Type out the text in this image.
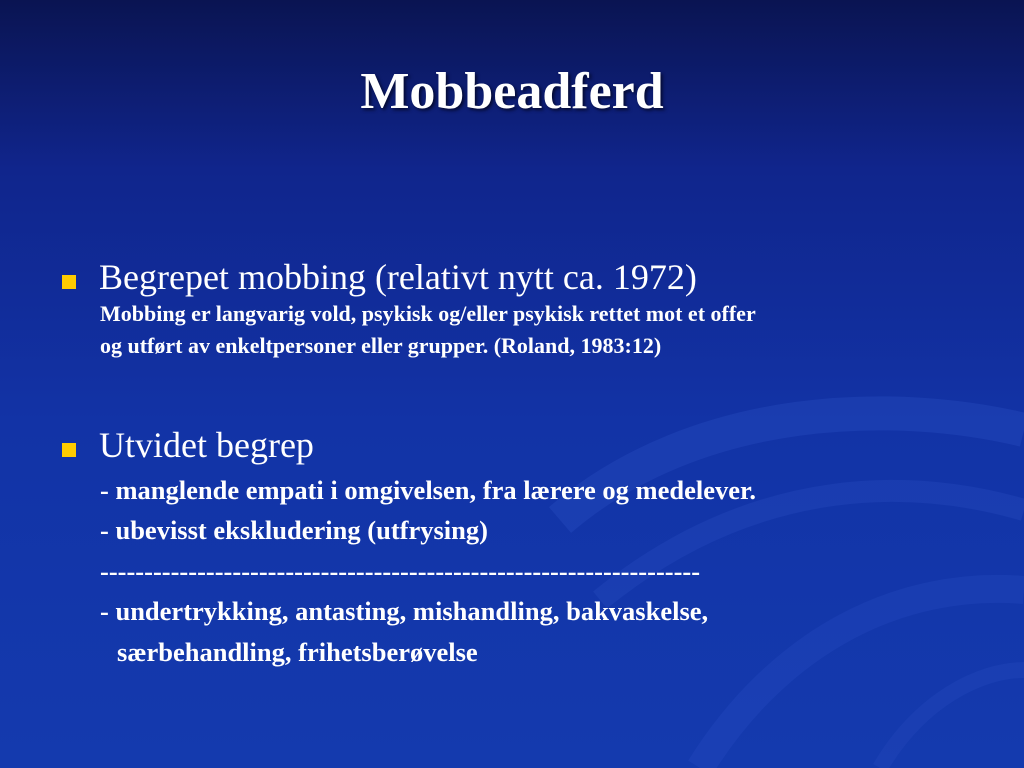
Mobbeadferd

Begrepet mobbing (relativt nytt ca. 1972)

Mobbing er langvarig vold, psykisk og/eller psykisk rettet mot et offer

og utført av enkeltpersoner eller grupper. (Roland, 1983:12)

Utvidet begrep

- manglende empati i omgivelsen, fra lærere og medelever.

- ubevisst ekskludering (utfrysing)

--------------------------------------------------------------------

- undertrykking, antasting, mishandling, bakvaskelse,

særbehandling, frihetsberøvelse
